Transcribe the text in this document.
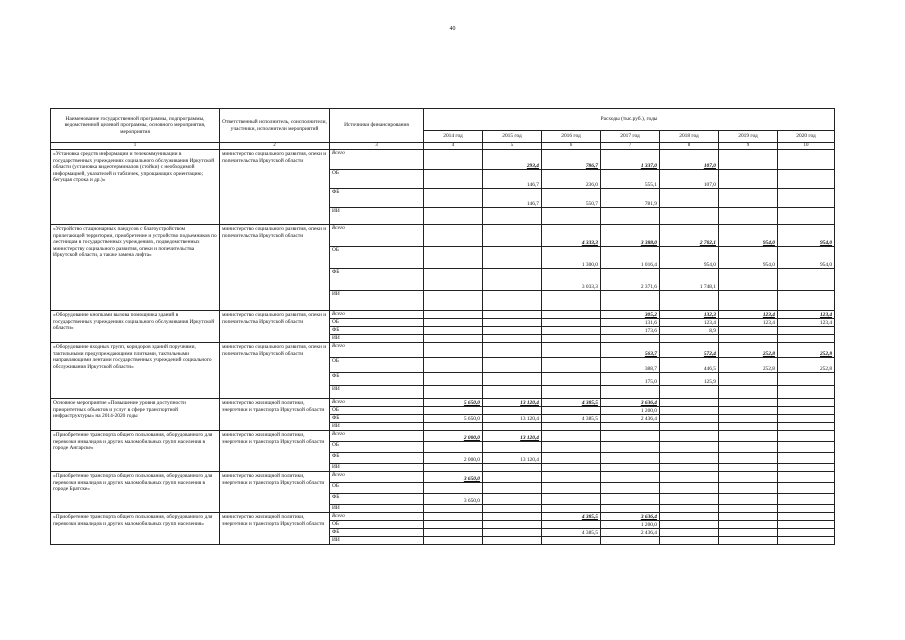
40
Наименование государственной программы, подпрограммы, ведомственной целевой программы, основного мероприятия, мероприятия	Ответственный исполнитель, соисполнители, участники, исполнители мероприятий	Источники финансирования	Расходы (тыс.руб.), годы						
			2014 год	2015 год	2016 год	2017 год	2018 год	2019 год	2020 год
1	2	3	4	5	6	7	8	9	10
«Установка средств информации и телекоммуникации в государственных учреждениях социального обслуживания Иркутской области (установка видеотерминалов (стойки) с необходимой информацией, указателей и табличек, упрощающих ориентацию; бегущая строка и др.)»	министерство социального развития, опеки и попечительства Иркутской области	Всего		293,4	786,7	1 337,0	107,0		
		ОБ		146,7	236,0	555,1	107,0		
		ФБ		146,7	550,7	781,9			
		ИИ							
«Устройство стационарных пандусов с благоустройством прилегающей территории, приобретение и устройство подъемников по лестницам в государственных учреждениях, подведомственных министерству социального развития, опеки и попечительства Иркутской области, а также замена лифта»	министерство социального развития, опеки и попечительства Иркутской области	Всего			4 333,3	3 388,0	2 702,1	954,0	954,0
		ОБ			1 300,0	1 016,4	954,0	954,0	954,0
		ФБ			3 033,3	2 371,6	1 748,1		
		ИИ							
«Оборудование кнопками вызова помощника зданий в государственных учреждениях социального обслуживания Иркутской области»	министерство социального развития, опеки и попечительства Иркутской области	Всего				305,2	132,3	123,4	123,4
		ОБ				131,6	123,4	123,4	123,4
		ФБ				173,6	8,9		
		ИИ							
«Оборудование входных групп, коридоров зданий поручнями, тактильными предупреждающими плитками, тактильными направляющими лентами государственных учреждений социального обслуживания Иркутской области»	министерство социального развития, опеки и попечительства Иркутской области	Всего				563,7	572,4	252,8	252,8
		ОБ				388,7	446,5	252,8	252,8
		ФБ				175,0	125,9		
		ИИ							
Основное мероприятие «Повышение уровня доступности приоритетных объектов и услуг в сфере транспортной инфраструктуры» на 2014-2020 годы	министерство жилищной политики, энергетики и транспорта Иркутской области	Всего	5 650,0	13 120,4	4 385,5	3 636,4			
		ОБ				1 200,0			
		ФБ	5 650,0	13 120,4	4 385,5	2 436,4			
		ИИ							
«Приобретение транспорта общего пользования, оборудованного для перевозки инвалидов и других маломобильных групп населения в городе Ангарске»	министерство жилищной политики, энергетики и транспорта Иркутской области	Всего	2 000,0	13 120,4					
		ОБ							
		ФБ	2 000,0	13 120,4					
		ИИ							
«Приобретение транспорта общего пользования, оборудованного для перевозки инвалидов и других маломобильных групп населения в городе Братске»	министерство жилищной политики, энергетики и транспорта Иркутской области	Всего	3 650,0						
		ОБ							
		ФБ	3 650,0						
		ИИ							
«Приобретение транспорта общего пользования, оборудованного для перевозки инвалидов и других маломобильных групп населения»	министерство жилищной политики, энергетики и транспорта Иркутской области	Всего			4 385,5	3 636,4			
		ОБ				1 200,0			
		ФБ			4 385,5	2 436,4			
		ИИ							
